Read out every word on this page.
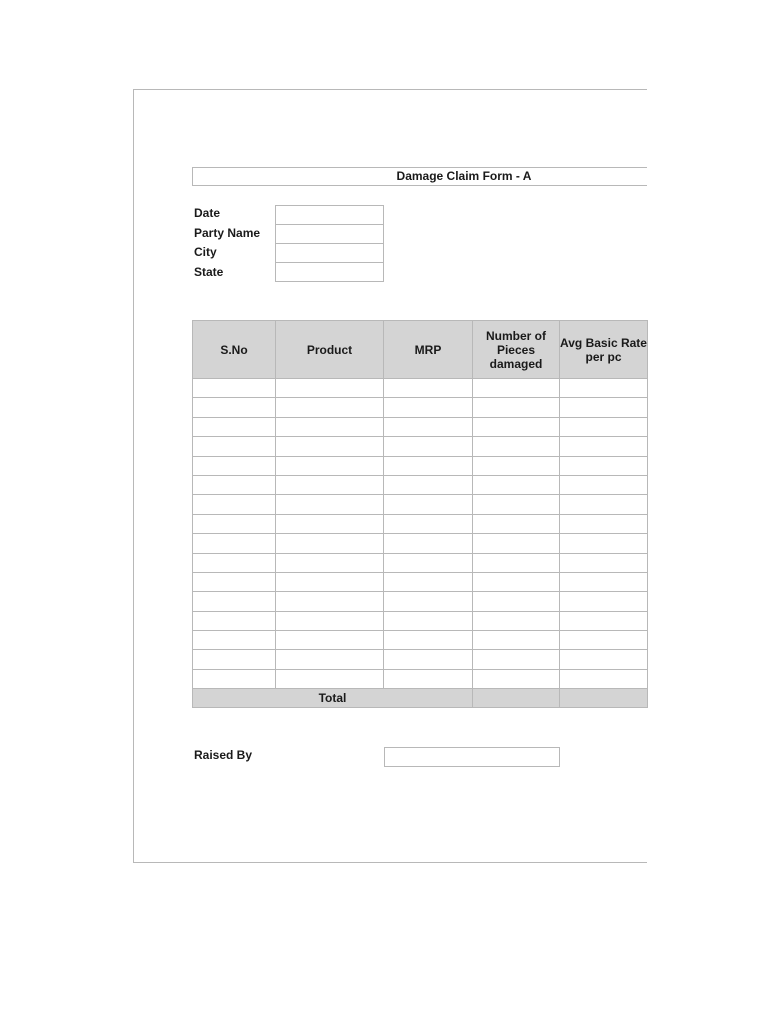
Damage Claim Form - A
Date
Party Name
City
State
S.No	Product	MRP	Number of Pieces damaged	Avg Basic Rate per pc

Total				
Raised By
